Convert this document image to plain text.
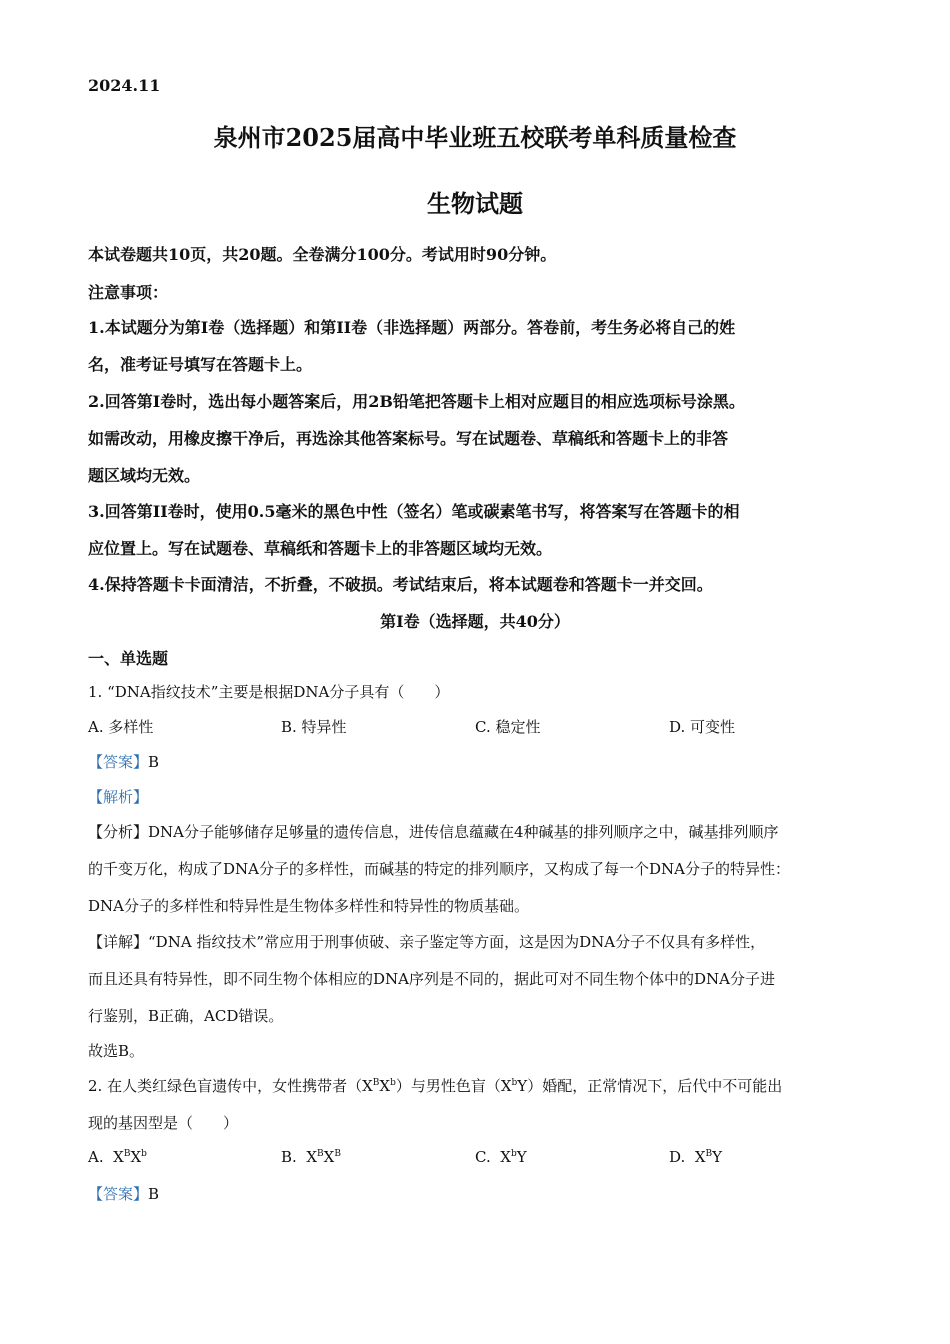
2024.11
泉州市2025届高中毕业班五校联考单科质量检查
生物试题
本试卷题共10页，共20题。全卷满分100分。考试用时90分钟。
注意事项：
1.本试题分为第I卷（选择题）和第II卷（非选择题）两部分。答卷前，考生务必将自己的姓
名，准考证号填写在答题卡上。
2.回答第I卷时，选出每小题答案后，用2B铅笔把答题卡上相对应题目的相应选项标号涂黑。
如需改动，用橡皮擦干净后，再选涂其他答案标号。写在试题卷、草稿纸和答题卡上的非答
题区域均无效。
3.回答第II卷时，使用0.5毫米的黑色中性（签名）笔或碳素笔书写，将答案写在答题卡的相
应位置上。写在试题卷、草稿纸和答题卡上的非答题区域均无效。
4.保持答题卡卡面清洁，不折叠，不破损。考试结束后，将本试题卷和答题卡一并交回。
第I卷（选择题，共40分）
一、单选题
1. “DNA指纹技术”主要是根据DNA分子具有（　　）
A. 多样性	B. 特异性	C. 稳定性	D. 可变性
【答案】B
【解析】
【分析】DNA分子能够储存足够量的遗传信息，进传信息蕴藏在4种碱基的排列顺序之中，碱基排列顺序
的千变万化，构成了DNA分子的多样性，而碱基的特定的排列顺序，又构成了每一个DNA分子的特异性：
DNA分子的多样性和特异性是生物体多样性和特异性的物质基础。
【详解】“DNA 指纹技术”常应用于刑事侦破、亲子鉴定等方面，这是因为DNA分子不仅具有多样性，
而且还具有特异性，即不同生物个体相应的DNA序列是不同的，据此可对不同生物个体中的DNA分子进
行鉴别，B正确，ACD错误。
故选B。
2. 在人类红绿色盲遗传中，女性携带者$(X^BX^b)$与男性色盲$(X^bY)$婚配，正常情况下，后代中不可能出
现的基因型是（　　）
A. $X^BX^b$	B. $X^BX^B$	C. $X^bY$	D. $X^BY$
【答案】B
